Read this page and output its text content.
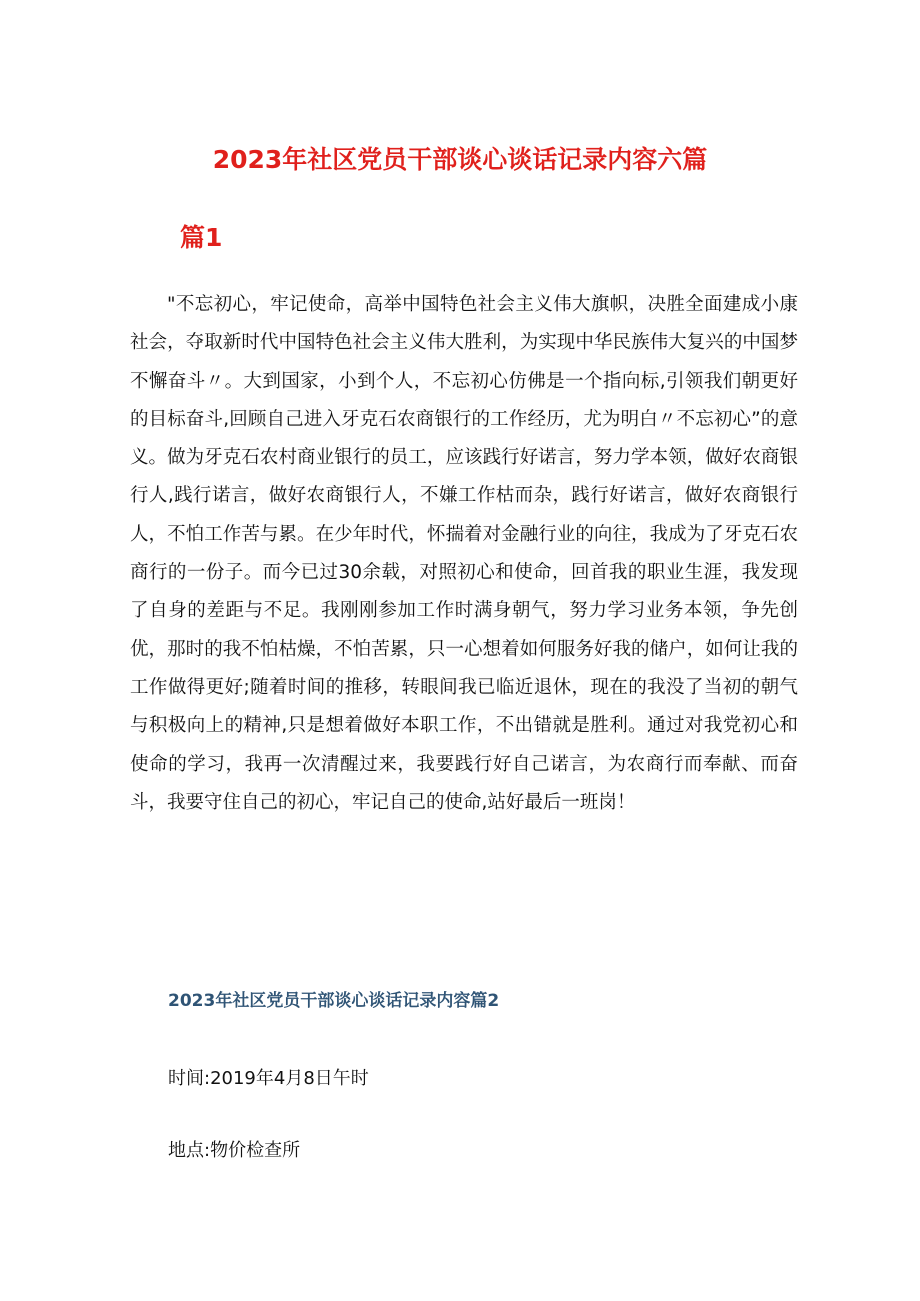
2023年社区党员干部谈心谈话记录内容六篇
篇1

"不忘初心，牢记使命，高举中国特色社会主义伟大旗帜，决胜全面建成小康社会，夺取新时代中国特色社会主义伟大胜利，为实现中华民族伟大复兴的中国梦不懈奋斗〃。大到国家，小到个人，不忘初心仿佛是一个指向标,引领我们朝更好的目标奋斗,回顾自己进入牙克石农商银行的工作经历，尤为明白〃不忘初心”的意义。做为牙克石农村商业银行的员工，应该践行好诺言，努力学本领，做好农商银行人,践行诺言，做好农商银行人，不嫌工作枯而杂，践行好诺言，做好农商银行人，不怕工作苦与累。在少年时代，怀揣着对金融行业的向往，我成为了牙克石农商行的一份子。而今已过30余载，对照初心和使命，回首我的职业生涯，我发现了自身的差距与不足。我刚刚参加工作时满身朝气，努力学习业务本领，争先创优，那时的我不怕枯燥，不怕苦累，只一心想着如何服务好我的储户，如何让我的工作做得更好;随着时间的推移，转眼间我已临近退休，现在的我没了当初的朝气与积极向上的精神,只是想着做好本职工作，不出错就是胜利。通过对我党初心和使命的学习，我再一次清醒过来，我要践行好自己诺言，为农商行而奉献、而奋斗，我要守住自己的初心，牢记自己的使命,站好最后一班岗！

2023年社区党员干部谈心谈话记录内容篇2

时间:2019年4月8日午时

地点:物价检查所
